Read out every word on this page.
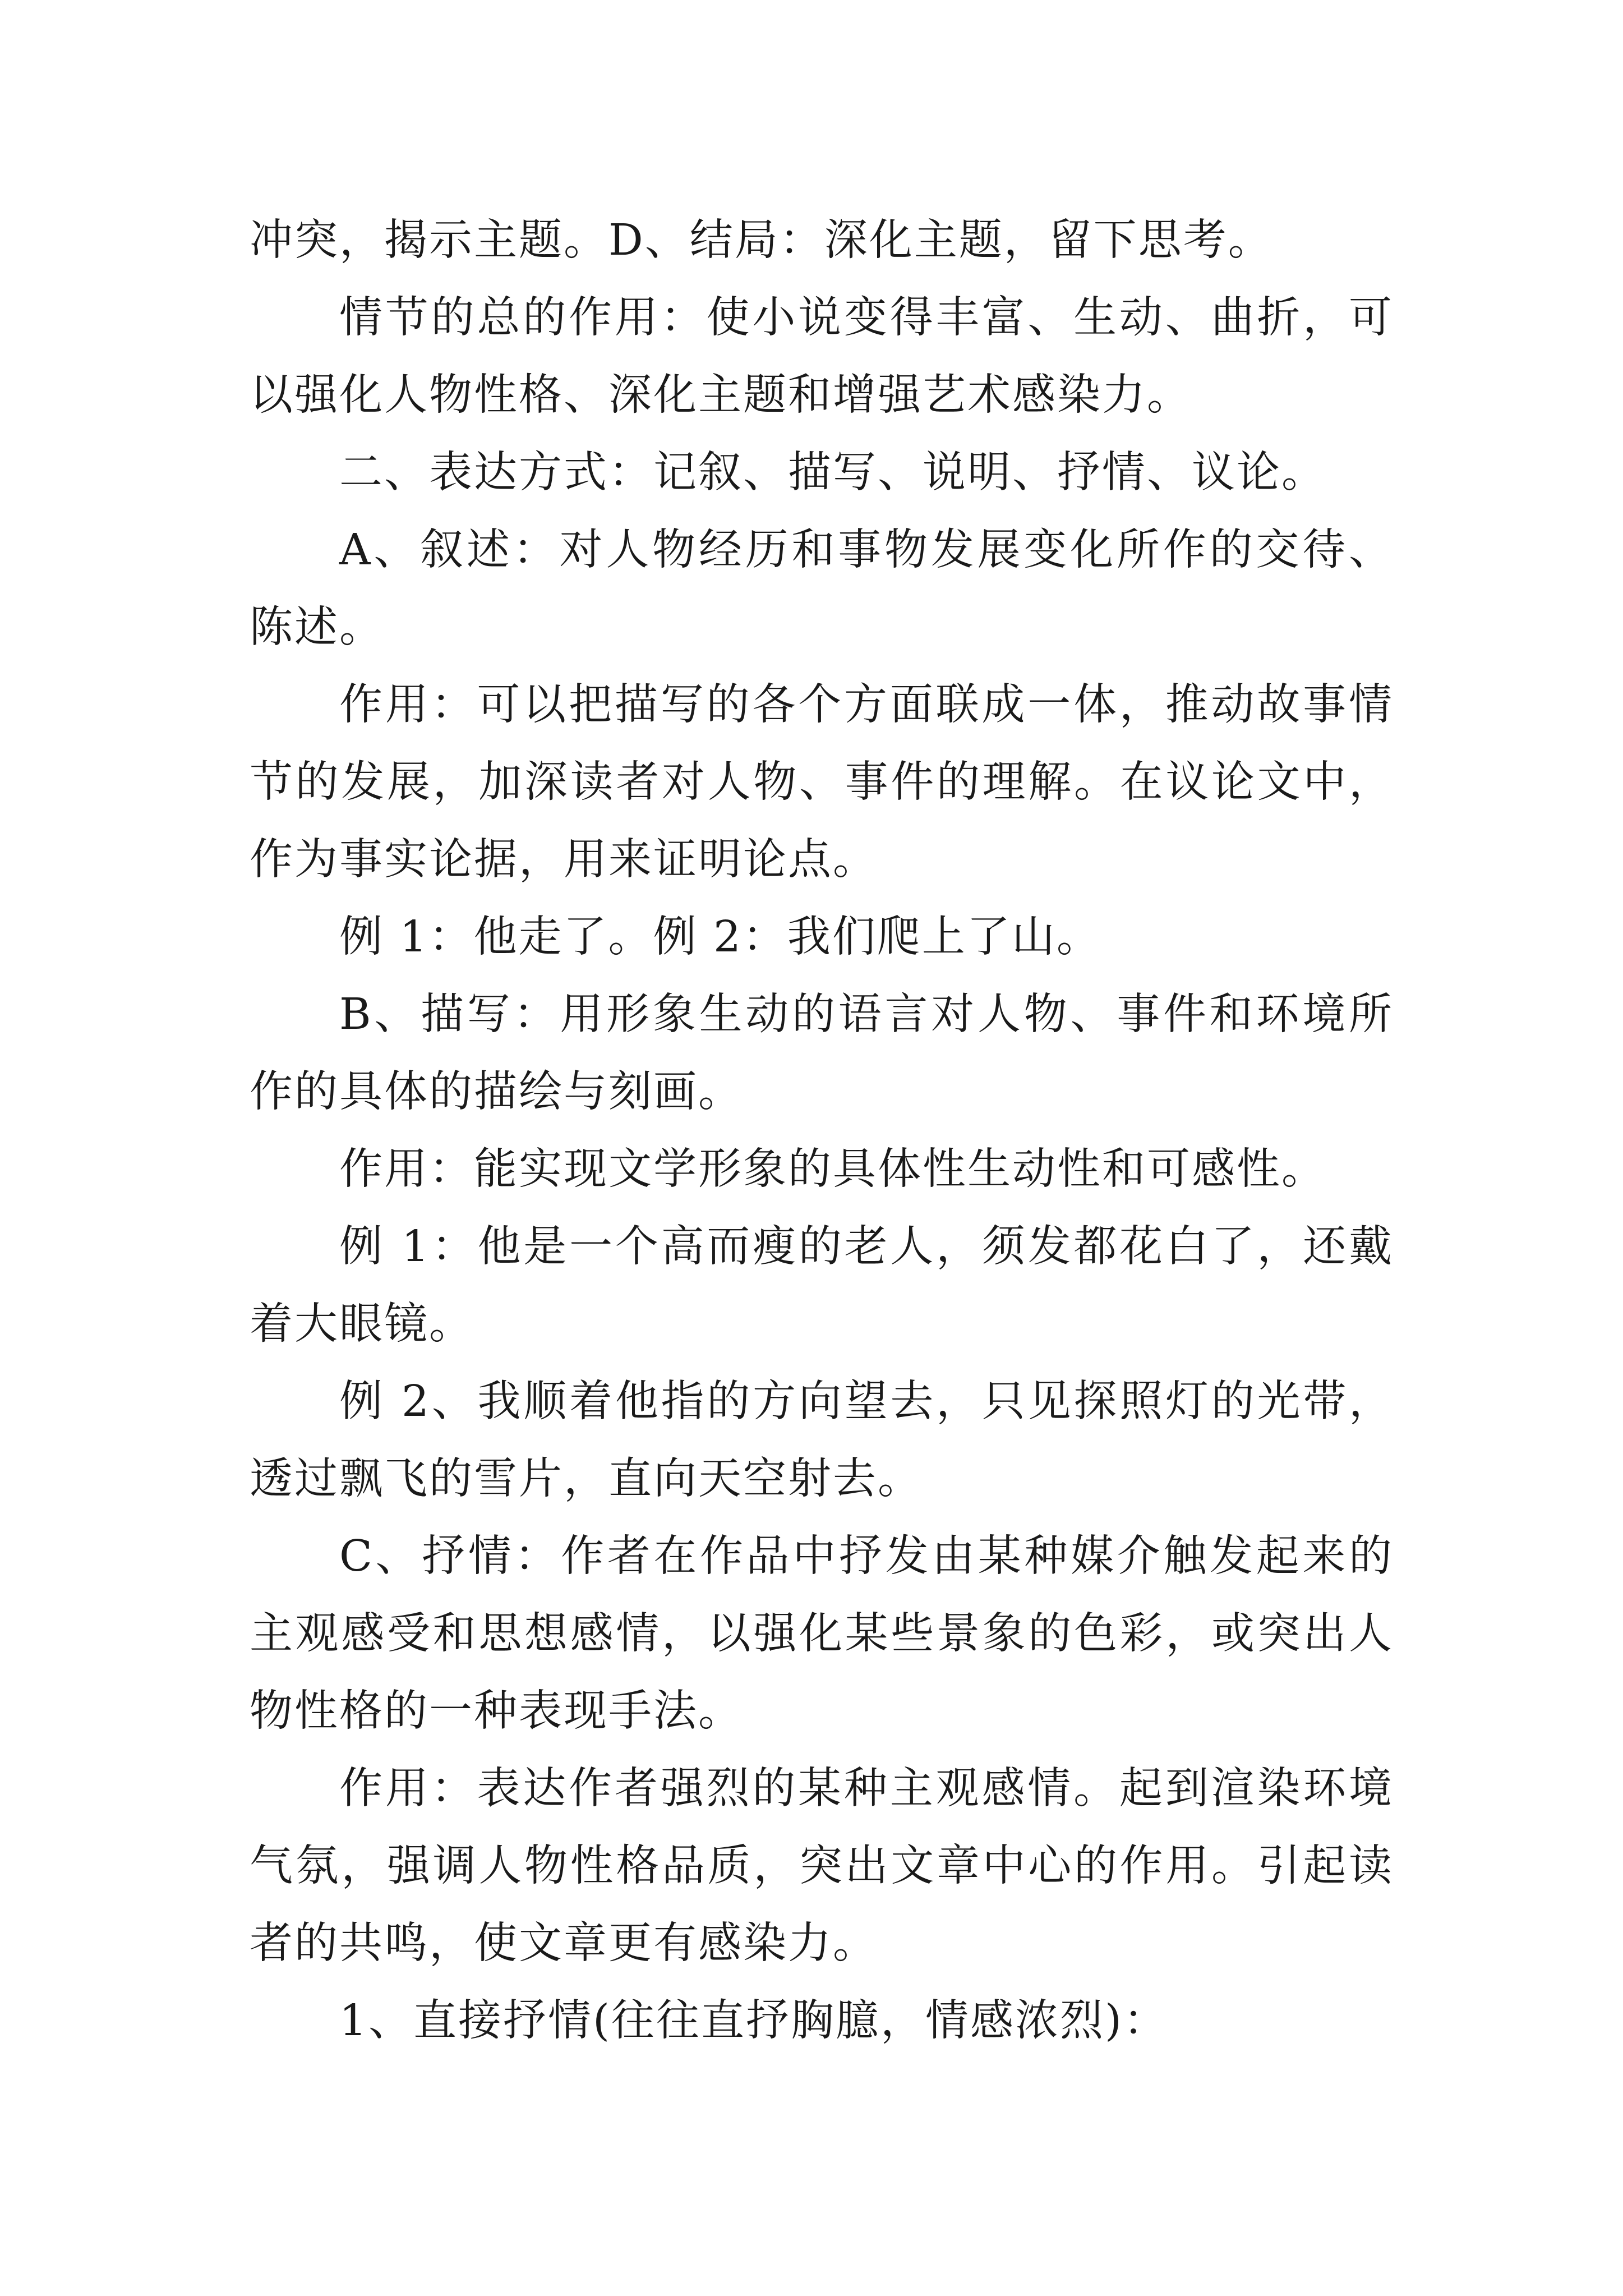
冲突，揭示主题。D、结局：深化主题，留下思考。

情节的总的作用：使小说变得丰富、生动、曲折，可以强化人物性格、深化主题和增强艺术感染力。

二、表达方式：记叙、描写、说明、抒情、议论。

A、叙述：对人物经历和事物发展变化所作的交待、陈述。

作用：可以把描写的各个方面联成一体，推动故事情节的发展，加深读者对人物、事件的理解。在议论文中，作为事实论据，用来证明论点。

例 1：他走了。例 2：我们爬上了山。

B、描写：用形象生动的语言对人物、事件和环境所作的具体的描绘与刻画。

作用：能实现文学形象的具体性生动性和可感性。

例 1：他是一个高而瘦的老人，须发都花白了，还戴着大眼镜。

例 2、我顺着他指的方向望去，只见探照灯的光带，透过飘飞的雪片，直向天空射去。

C、抒情：作者在作品中抒发由某种媒介触发起来的主观感受和思想感情，以强化某些景象的色彩，或突出人物性格的一种表现手法。

作用：表达作者强烈的某种主观感情。起到渲染环境气氛，强调人物性格品质，突出文章中心的作用。引起读者的共鸣，使文章更有感染力。

1、直接抒情(往往直抒胸臆，情感浓烈)：
